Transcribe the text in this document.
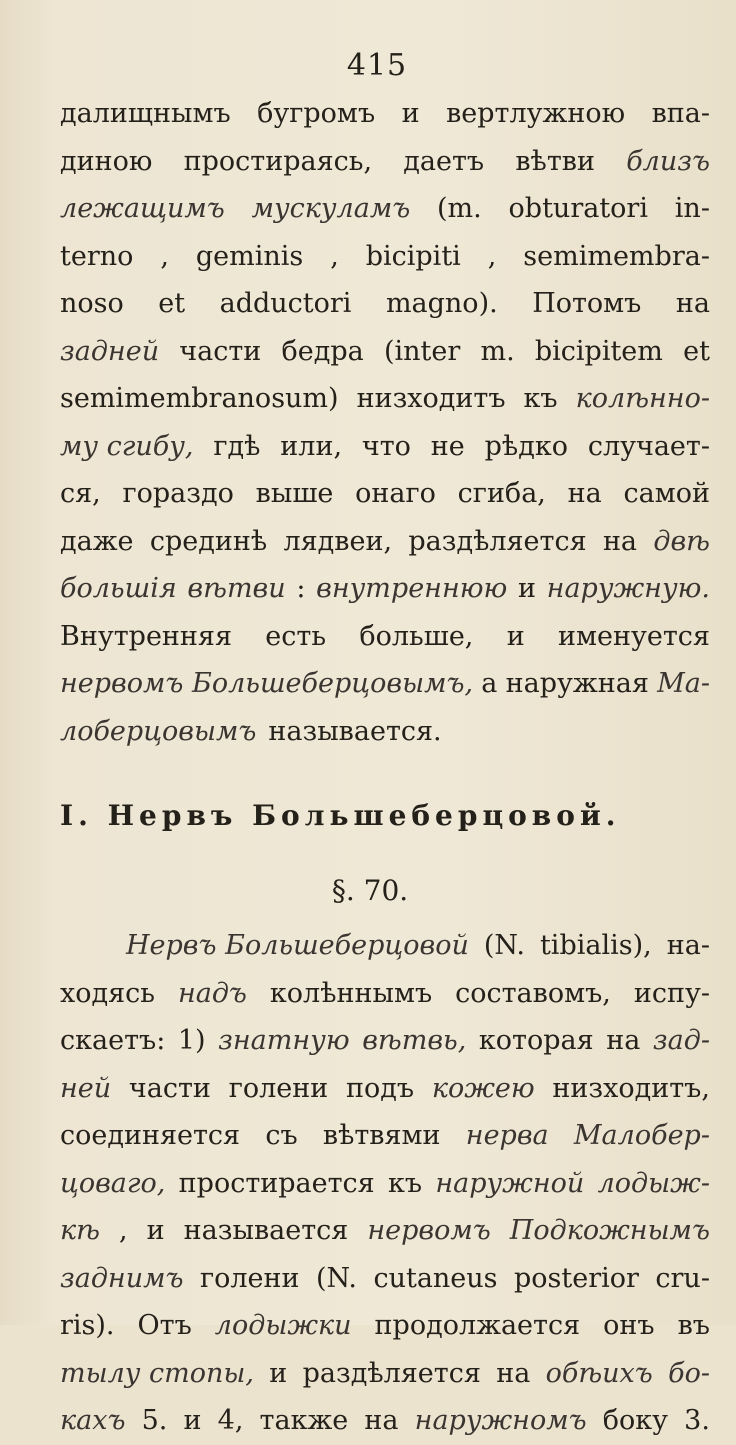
415
далищнымъ бугромъ и вертлужною впа-
диною простираясь, даетъ вѣтви близъ
лежащимъ мускуламъ (m. obturatori in-
terno , geminis , bicipiti , semimembra-
noso et adductori magno). Потомъ на
задней части бедра (inter m. bicipitem et
semimembranosum) низходитъ къ колѣнно-
му сгибу, гдѣ или, что не рѣдко случает-
ся, гораздо выше онаго сгиба, на самой
даже срединѣ лядвеи, раздѣляется на двѣ
большія вѣтви : внутреннюю и наружную.
Внутренняя есть больше, и именуется
нервомъ Большеберцовымъ, а наружная Ма-
лоберцовымъ называется.
I. Нервъ Большеберцовой.
§. 70.
Нервъ Большеберцовой (N. tibialis), на-
ходясь надъ колѣннымъ составомъ, испу-
скаетъ: 1) знатную вѣтвь, которая на зад-
ней части голени подъ кожею низходитъ,
соединяется съ вѣтвями нерва Малобер-
цоваго, простирается къ наружной лодыж-
кѣ , и называется нервомъ Подкожнымъ
заднимъ голени (N. cutaneus posterior cru-
ris). Отъ лодыжки продолжается онъ въ
тылу стопы, и раздѣляется на обѣихъ бо-
кахъ 5. и 4, также на наружномъ боку 3.
